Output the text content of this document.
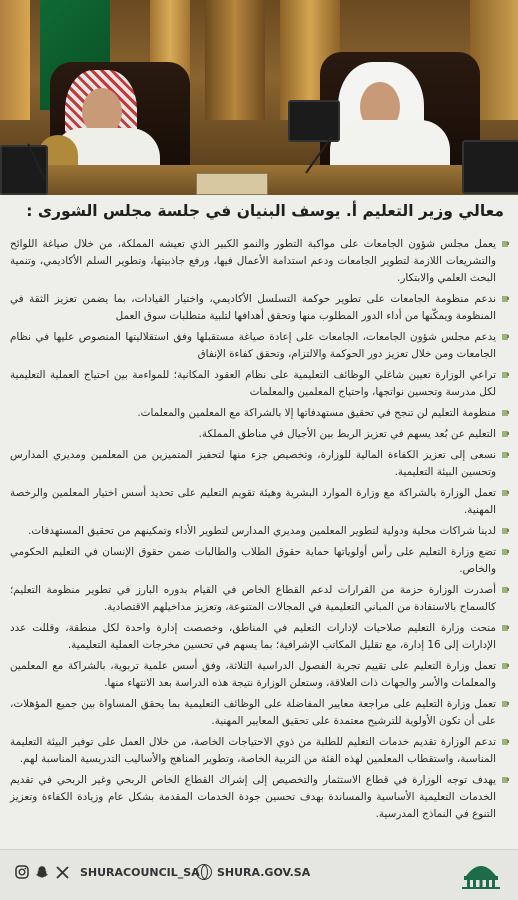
معالي وزير التعليم أ. يوسف البنيان في جلسة مجلس الشورى :
يعمل مجلس شؤون الجامعات على مواكبة التطور والنمو الكبير الذي تعيشه المملكة، من خلال صياغة اللوائح والتشريعات اللازمة لتطوير الجامعات ودعم استدامة الأعمال فيها، ورفع جاذبيتها، وتطوير السلم الأكاديمي، وتنمية البحث العلمي والابتكار.
ندعم منظومة الجامعات على تطوير حوكمة التسلسل الأكاديمي، واختيار القيادات، بما يضمن تعزيز الثقة في المنظومة ويمكّنها من أداء الدور المطلوب منها وتحقق أهدافها لتلبية متطلبات سوق العمل
يدعم مجلس شؤون الجامعات، الجامعات على إعادة صياغة مستقبلها وفق استقلاليتها المنصوص عليها في نظام الجامعات ومن خلال تعزيز دور الحوكمة والالتزام، وتحقق كفاءة الإنفاق
تراعي الوزارة تعيين شاغلي الوظائف التعليمية على نظام العقود المكانية؛ للمواءمة بين احتياج العملية التعليمية لكل مدرسة وتحسين نواتجها، واحتياج المعلمين والمعلمات
منظومة التعليم لن تنجح في تحقيق مستهدفاتها إلا بالشراكة مع المعلمين والمعلمات.
التعليم عن بُعد يسهم في تعزيز الربط بين الأجيال في مناطق المملكة.
نسعى إلى تعزيز الكفاءة المالية للوزارة، وتخصيص جزء منها لتحفيز المتميزين من المعلمين ومديري المدارس وتحسين البيئة التعليمية.
تعمل الوزارة بالشراكة مع وزارة الموارد البشرية وهيئة تقويم التعليم على تحديد أسس اختيار المعلمين والرخصة المهنية.
لدينا شراكات محلية ودولية لتطوير المعلمين ومديري المدارس لتطوير الأداء وتمكينهم من تحقيق المستهدفات.
تضع وزارة التعليم على رأس أولوياتها حماية حقوق الطلاب والطالبات ضمن حقوق الإنسان في التعليم الحكومي والخاص.
أصدرت الوزارة حزمة من القرارات لدعم القطاع الخاص في القيام بدوره البارز في تطوير منظومة التعليم؛ كالسماح بالاستفادة من المباني التعليمية في المجالات المتنوعة، وتعزيز مداخيلهم الاقتصادية.
منحت وزارة التعليم صلاحيات لإدارات التعليم في المناطق، وخصصت إدارة واحدة لكل منطقة، وقللت عدد الإدارات إلى 16 إدارة، مع تقليل المكاتب الإشرافية؛ بما يسهم في تحسين مخرجات العملية التعليمية.
تعمل وزارة التعليم على تقييم تجربة الفصول الدراسية الثلاثة، وفق أسس علمية تربوية، بالشراكة مع المعلمين والمعلمات والأسر والجهات ذات العلاقة، وستعلن الوزارة نتيجة هذه الدراسة بعد الانتهاء منها.
تعمل وزارة التعليم على مراجعة معايير المفاضلة على الوظائف التعليمية بما يحقق المساواة بين جميع المؤهلات، على أن تكون الأولوية للترشيح معتمدة على تحقيق المعايير المهنية.
تدعم الوزارة تقديم خدمات التعليم للطلبة من ذوي الاحتياجات الخاصة، من خلال العمل على توفير البيئة التعليمة المناسبة، واستقطاب المعلمين لهذه الفئة من التربية الخاصة، وتطوير المناهج والأساليب التدريسية المناسبة لهم.
يهدف توجه الوزارة في قطاع الاستثمار والتخصيص إلى إشراك القطاع الخاص الربحي وغير الربحي في تقديم الخدمات التعليمية الأساسية والمساندة بهدف تحسين جودة الخدمات المقدمة بشكل عام وزيادة الكفاءة وتعزيز التنوع في النماذج المدرسية.
SHURACOUNCIL_SA SHURA.GOV.SA
